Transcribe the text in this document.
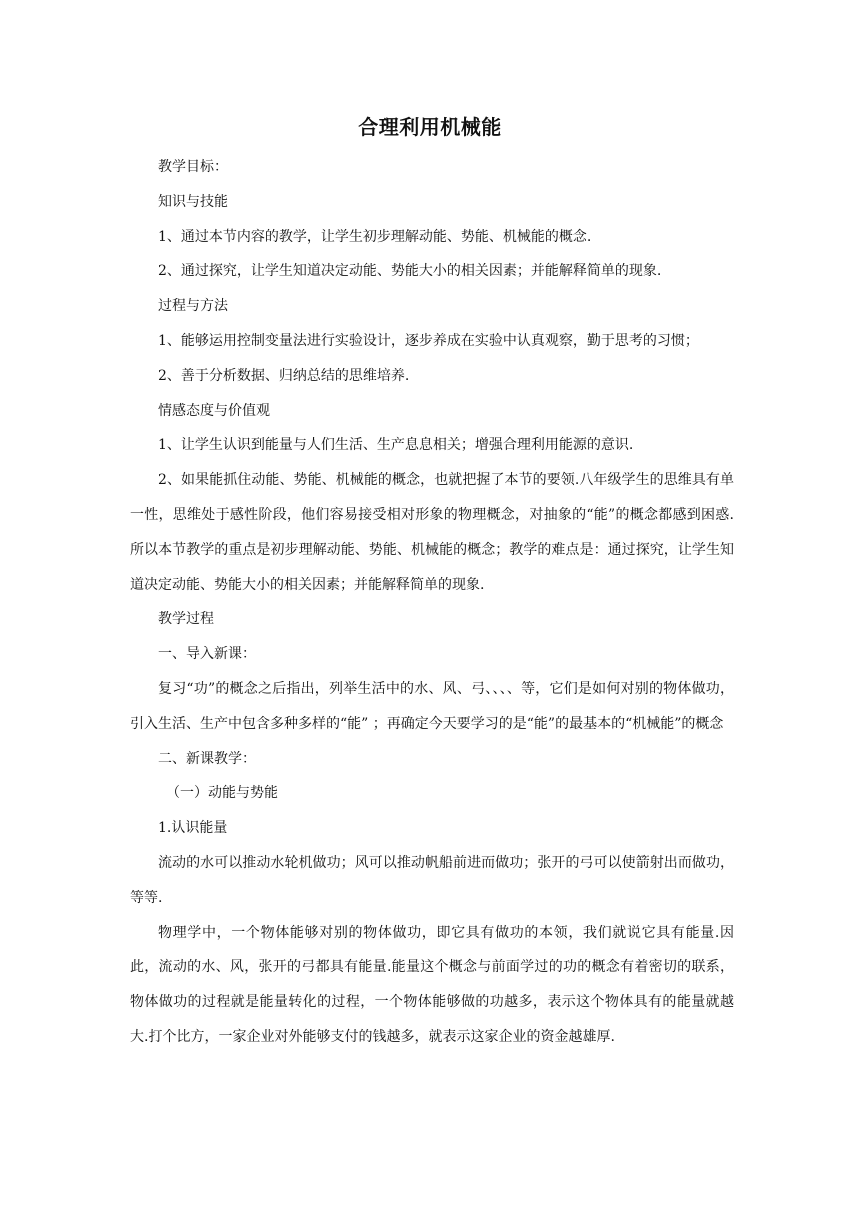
合理利用机械能

教学目标：

知识与技能

1、通过本节内容的教学，让学生初步理解动能、势能、机械能的概念.

2、通过探究，让学生知道决定动能、势能大小的相关因素；并能解释简单的现象.

过程与方法

1、能够运用控制变量法进行实验设计，逐步养成在实验中认真观察，勤于思考的习惯；

2、善于分析数据、归纳总结的思维培养.

情感态度与价值观

1、让学生认识到能量与人们生活、生产息息相关；增强合理利用能源的意识.

2、如果能抓住动能、势能、机械能的概念，也就把握了本节的要领.八年级学生的思维具有单一性，思维处于感性阶段，他们容易接受相对形象的物理概念，对抽象的“能”的概念都感到困惑.所以本节教学的重点是初步理解动能、势能、机械能的概念；教学的难点是：通过探究，让学生知道决定动能、势能大小的相关因素；并能解释简单的现象.

教学过程

一、导入新课：

复习“功”的概念之后指出，列举生活中的水、风、弓、、、、等，它们是如何对别的物体做功，引入生活、生产中包含多种多样的“能” ；再确定今天要学习的是“能”的最基本的“机械能”的概念

二、新课教学：

（一）动能与势能

1.认识能量

流动的水可以推动水轮机做功；风可以推动帆船前进而做功；张开的弓可以使箭射出而做功，等等.

物理学中，一个物体能够对别的物体做功，即它具有做功的本领，我们就说它具有能量.因此，流动的水、风，张开的弓都具有能量.能量这个概念与前面学过的功的概念有着密切的联系，物体做功的过程就是能量转化的过程，一个物体能够做的功越多，表示这个物体具有的能量就越大.打个比方，一家企业对外能够支付的钱越多，就表示这家企业的资金越雄厚.
